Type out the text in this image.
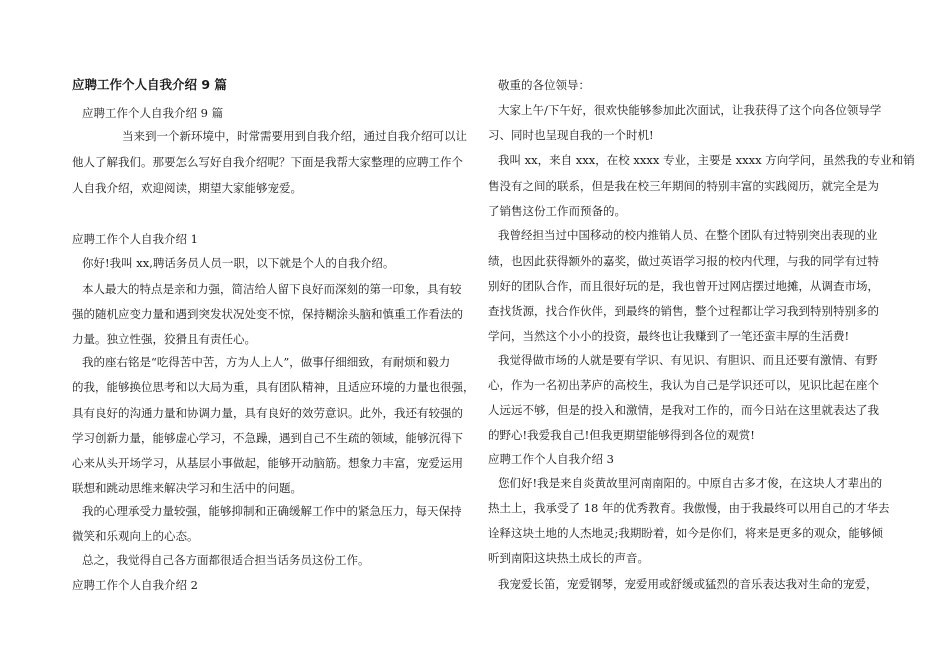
应聘工作个人自我介绍 9 篇
应聘工作个人自我介绍 9 篇
当来到一个新环境中，时常需要用到自我介绍，通过自我介绍可以让
他人了解我们。那要怎么写好自我介绍呢？下面是我帮大家整理的应聘工作个
人自我介绍，欢迎阅读，期望大家能够宠爱。
应聘工作个人自我介绍 1
你好!我叫 xx,聘话务员人员一职，以下就是个人的自我介绍。
本人最大的特点是亲和力强，简洁给人留下良好而深刻的第一印象，具有较
强的随机应变力量和遇到突发状况处变不惊，保持糊涂头脑和慎重工作看法的
力量。独立性强，狡猾且有责任心。
我的座右铭是“吃得苦中苦，方为人上人”，做事仔细细致，有耐烦和毅力
的我，能够换位思考和以大局为重，具有团队精神，且适应环境的力量也很强，
具有良好的沟通力量和协调力量，具有良好的效劳意识。此外，我还有较强的
学习创新力量，能够虚心学习，不急躁，遇到自己不生疏的领域，能够沉得下
心来从头开场学习，从基层小事做起，能够开动脑筋。想象力丰富，宠爱运用
联想和跳动思维来解决学习和生活中的问题。
我的心理承受力量较强，能够抑制和正确缓解工作中的紧急压力，每天保持
微笑和乐观向上的心态。
总之，我觉得自己各方面都很适合担当话务员这份工作。
应聘工作个人自我介绍 2
敬重的各位领导：
大家上午/下午好，很欢快能够参加此次面试，让我获得了这个向各位领导学
习、同时也呈现自我的一个时机!
我叫 xx，来自 xxx，在校 xxxx 专业，主要是 xxxx 方向学问，虽然我的专业和销
售没有之间的联系，但是我在校三年期间的特别丰富的实践阅历，就完全是为
了销售这份工作而预备的。
我曾经担当过中国移动的校内推销人员、在整个团队有过特别突出表现的业
绩，也因此获得额外的嘉奖，做过英语学习报的校内代理，与我的同学有过特
别好的团队合作，而且很好玩的是，我也曾开过网店摆过地摊，从调查市场，
查找货源，找合作伙伴，到最终的销售，整个过程都让学习我到特别特别多的
学问，当然这个小小的投资，最终也让我赚到了一笔还蛮丰厚的生活费!
我觉得做市场的人就是要有学识、有见识、有胆识、而且还要有激情、有野
心，作为一名初出茅庐的高校生，我认为自己是学识还可以，见识比起在座个
人远远不够，但是的投入和激情，是我对工作的，而今日站在这里就表达了我
的野心!我爱我自己!但我更期望能够得到各位的观赏!
应聘工作个人自我介绍 3
您们好!我是来自炎黄故里河南南阳的。中原自古多才俊，在这块人才辈出的
热土上，我承受了 18 年的优秀教育。我傲慢，由于我最终可以用自己的才华去
诠释这块土地的人杰地灵;我期盼着，如今是你们，将来是更多的观众，能够倾
听到南阳这块热土成长的声音。
我宠爱长笛，宠爱钢琴，宠爱用或舒缓或猛烈的音乐表达我对生命的宠爱，
